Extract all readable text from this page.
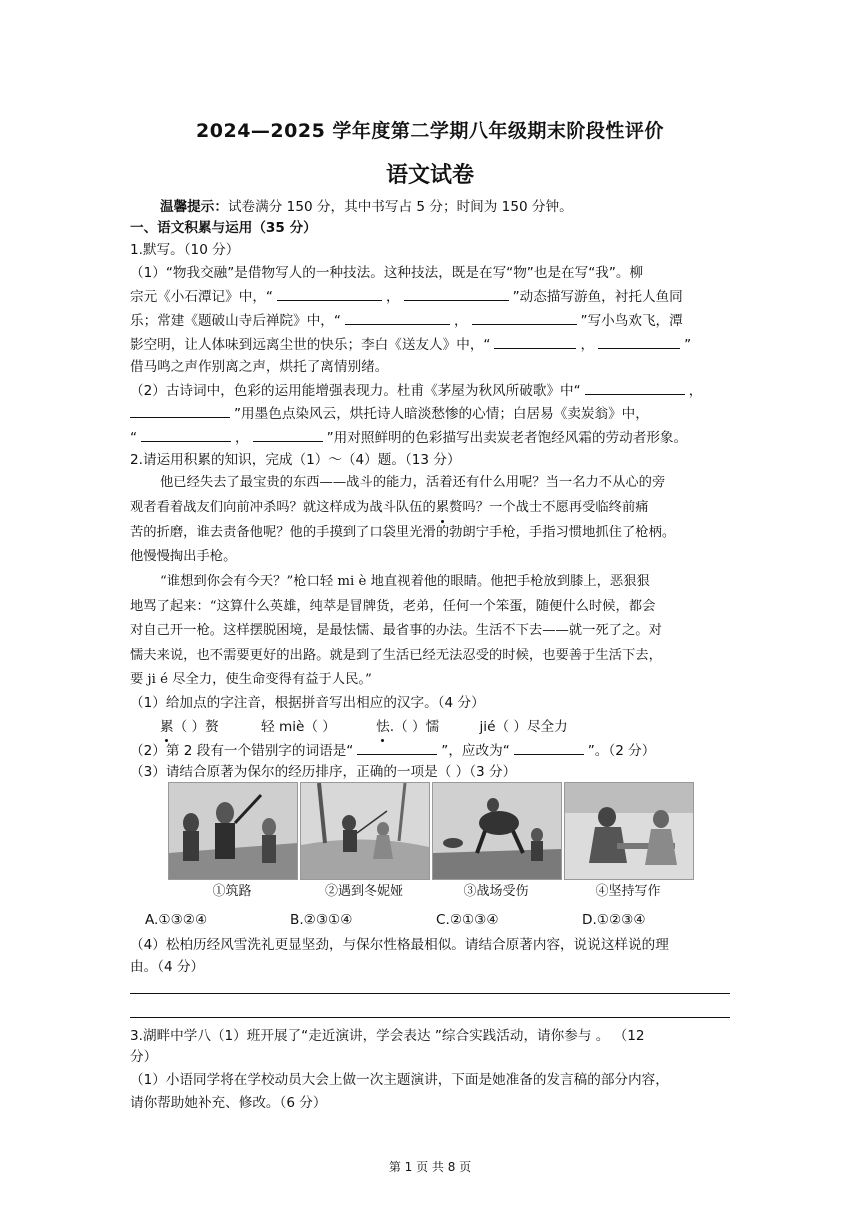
2024—2025 学年度第二学期八年级期末阶段性评价
语文试卷
温馨提示：试卷满分 150 分，其中书写占 5 分；时间为 150 分钟。
一、语文积累与运用（35 分）
1.默写。（10 分）
（1）“物我交融”是借物写人的一种技法。这种技法，既是在写“物”也是在写“我”。柳
宗元《小石潭记》中，“	，	”动态描写游鱼，衬托人鱼同
乐；常建《题破山寺后禅院》中，“	，	”写小鸟欢飞，潭
影空明，让人体味到远离尘世的快乐；李白《送友人》中，“	，	”
借马鸣之声作别离之声，烘托了离情别绪。
（2）古诗词中，色彩的运用能增强表现力。杜甫《茅屋为秋风所破歌》中“	，
”用墨色点染风云，烘托诗人暗淡愁惨的心情；白居易《卖炭翁》中，
“	，	”用对照鲜明的色彩描写出卖炭老者饱经风霜的劳动者形象。
2.请运用积累的知识，完成（1）～（4）题。（13 分）
他已经失去了最宝贵的东西——战斗的能力，活着还有什么用呢？当一名力不从心的旁
观者看着战友们向前冲杀吗？就这样成为战斗队伍的累赘吗？一个战士不愿再受临终前痛
苦的折磨，谁去责备他呢？他的手摸到了口袋里光滑的勃朗宁手枪，手指习惯地抓住了枪柄。
他慢慢掏出手枪。
“谁想到你会有今天？”枪口轻 mi è 地直视着他的眼睛。他把手枪放到膝上，恶狠狠
地骂了起来：“这算什么英雄，纯萃是冒牌货，老弟，任何一个笨蛋，随便什么时候，都会
对自己开一枪。这样摆脱困境，是最怯懦、最省事的办法。生活不下去——就一死了之。对
懦夫来说，也不需要更好的出路。就是到了生活已经无法忍受的时候，也要善于生活下去，
要 ji é 尽全力，使生命变得有益于人民。”
（1）给加点的字注音，根据拼音写出相应的汉字。（4 分）
累（ ）赘	轻 miè（ ）	怯.（ ）懦	jié（ ）尽全力
（2）第 2 段有一个错别字的词语是“	”，应改为“	”。（2 分）
（3）请结合原著为保尔的经历排序，正确的一项是（ ）（3 分）
①筑路	②遇到冬妮娅	③战场受伤	④坚持写作
A.①③②④	B.②③①④	C.②①③④	D.①②③④
（4）松柏历经风雪洗礼更显坚劲，与保尔性格最相似。请结合原著内容，说说这样说的理
由。（4 分）
3.湖畔中学八（1）班开展了“走近演讲，学会表达 ”综合实践活动，请你参与 。 （12
分）
（1）小语同学将在学校动员大会上做一次主题演讲，下面是她准备的发言稿的部分内容，
请你帮助她补充、修改。（6 分）
第 1 页 共 8 页
